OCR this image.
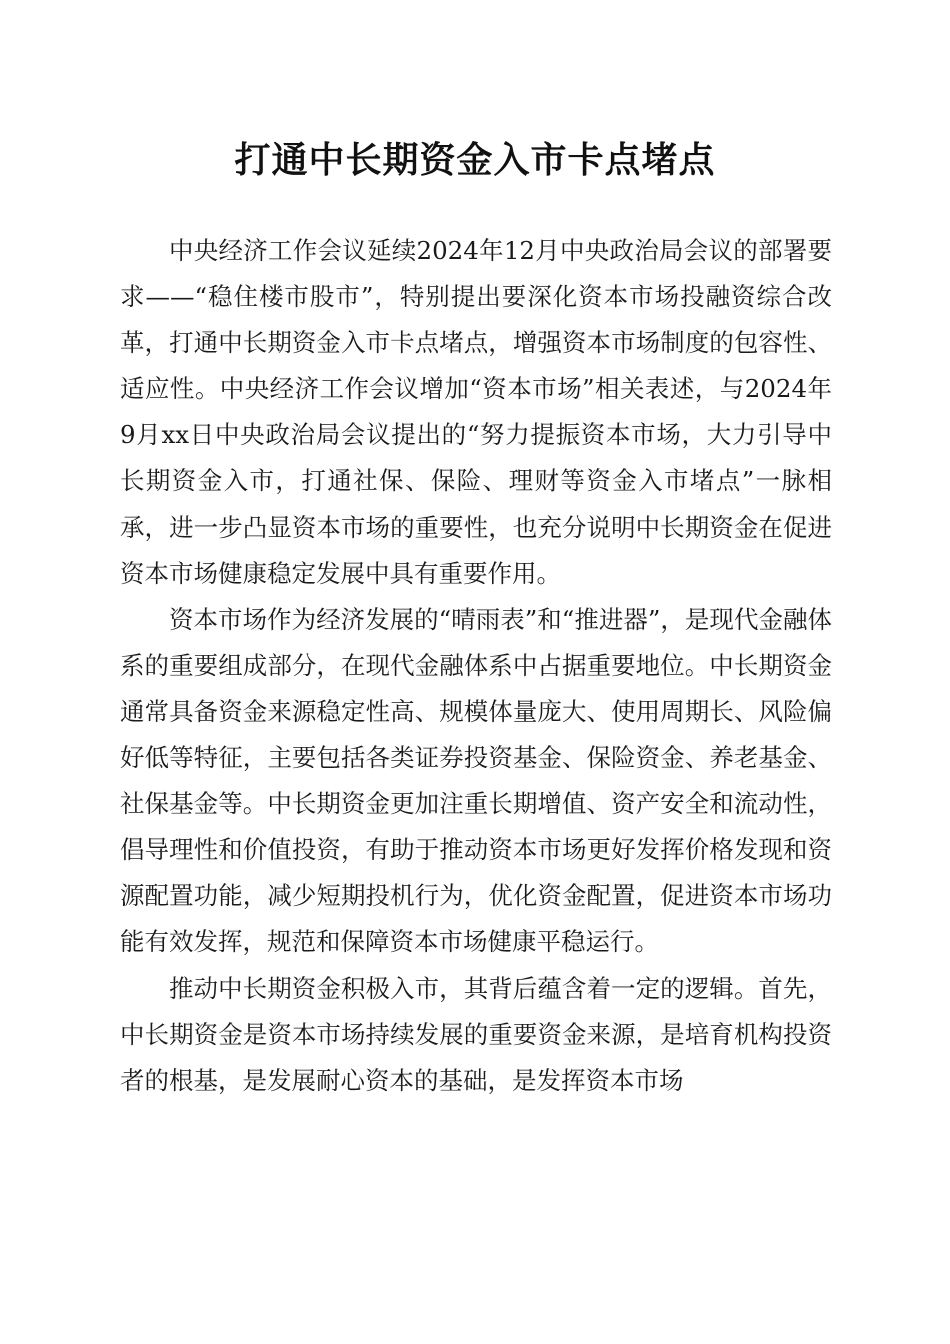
打通中长期资金入市卡点堵点

中央经济工作会议延续2024年12月中央政治局会议的部署要求——“稳住楼市股市”，特别提出要深化资本市场投融资综合改革，打通中长期资金入市卡点堵点，增强资本市场制度的包容性、适应性。中央经济工作会议增加“资本市场”相关表述，与2024年9月xx日中央政治局会议提出的“努力提振资本市场，大力引导中长期资金入市，打通社保、保险、理财等资金入市堵点”一脉相承，进一步凸显资本市场的重要性，也充分说明中长期资金在促进资本市场健康稳定发展中具有重要作用。

资本市场作为经济发展的“晴雨表”和“推进器”，是现代金融体系的重要组成部分，在现代金融体系中占据重要地位。中长期资金通常具备资金来源稳定性高、规模体量庞大、使用周期长、风险偏好低等特征，主要包括各类证券投资基金、保险资金、养老基金、社保基金等。中长期资金更加注重长期增值、资产安全和流动性，倡导理性和价值投资，有助于推动资本市场更好发挥价格发现和资源配置功能，减少短期投机行为，优化资金配置，促进资本市场功能有效发挥，规范和保障资本市场健康平稳运行。

推动中长期资金积极入市，其背后蕴含着一定的逻辑。首先，中长期资金是资本市场持续发展的重要资金来源，是培育机构投资者的根基，是发展耐心资本的基础，是发挥资本市场
